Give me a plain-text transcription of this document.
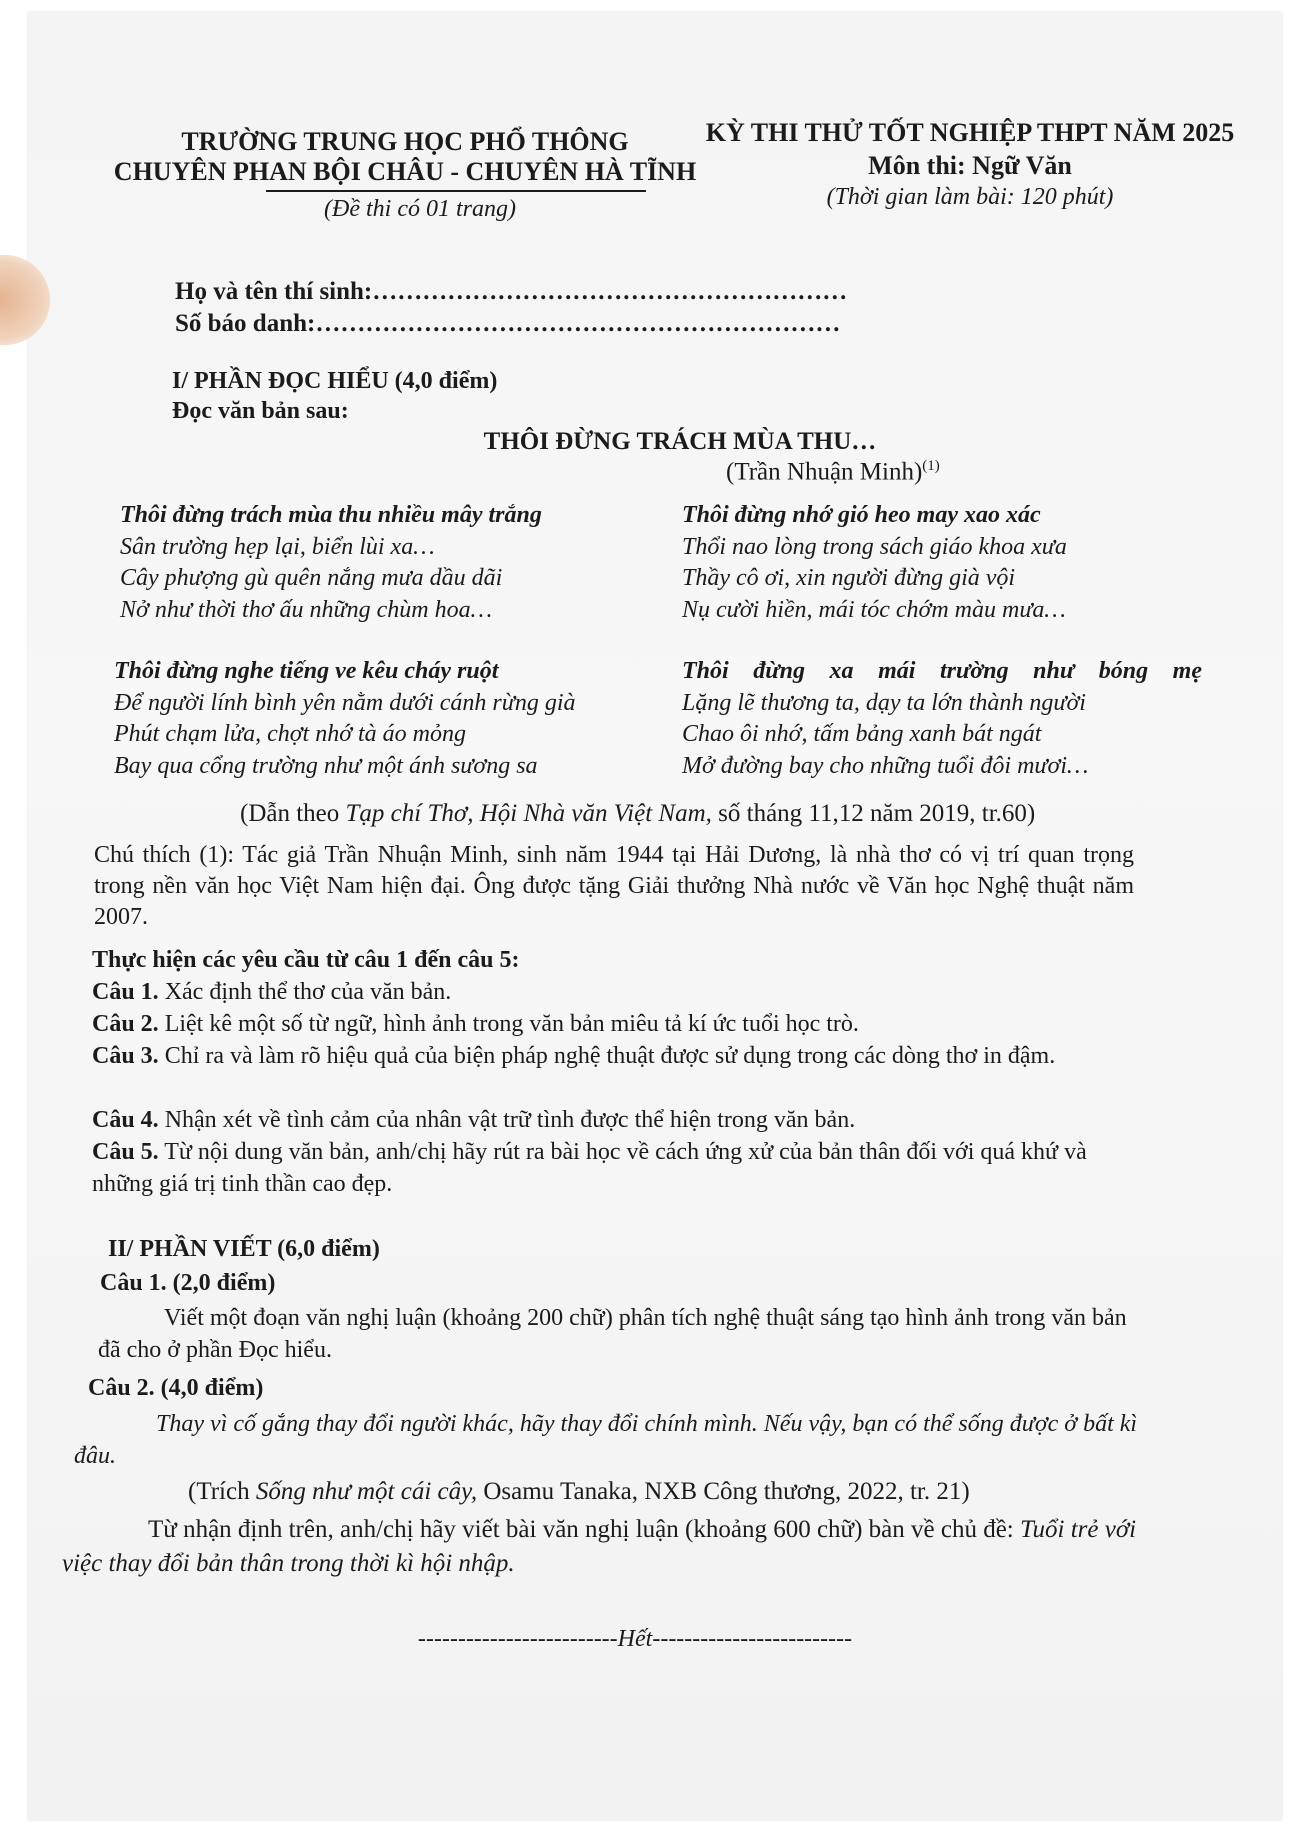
TRƯỜNG TRUNG HỌC PHỔ THÔNG
CHUYÊN PHAN BỘI CHÂU - CHUYÊN HÀ TĨNH
(Đề thi có 01 trang)
KỲ THI THỬ TỐT NGHIỆP THPT NĂM 2025
Môn thi: Ngữ Văn
(Thời gian làm bài: 120 phút)
Họ và tên thí sinh:…………………………………………………
Số báo danh:………………………………………………………
I/ PHẦN ĐỌC HIỂU (4,0 điểm)
Đọc văn bản sau:
THÔI ĐỪNG TRÁCH MÙA THU…
(Trần Nhuận Minh)$^{(1)}$
Thôi đừng trách mùa thu nhiều mây trắng
Sân trường hẹp lại, biển lùi xa…
Cây phượng gù quên nắng mưa dầu dãi
Nở như thời thơ ấu những chùm hoa…
Thôi đừng nghe tiếng ve kêu cháy ruột
Để người lính bình yên nằm dưới cánh rừng già
Phút chạm lửa, chợt nhớ tà áo mỏng
Bay qua cổng trường như một ánh sương sa
Thôi đừng nhớ gió heo may xao xác
Thổi nao lòng trong sách giáo khoa xưa
Thầy cô ơi, xin người đừng già vội
Nụ cười hiền, mái tóc chớm màu mưa…
Thôi đừng xa mái trường như bóng mẹ
Lặng lẽ thương ta, dạy ta lớn thành người
Chao ôi nhớ, tấm bảng xanh bát ngát
Mở đường bay cho những tuổi đôi mươi…
(Dẫn theo Tạp chí Thơ, Hội Nhà văn Việt Nam, số tháng 11,12 năm 2019, tr.60)
Chú thích (1): Tác giả Trần Nhuận Minh, sinh năm 1944 tại Hải Dương, là nhà thơ có vị trí quan trọng trong nền văn học Việt Nam hiện đại. Ông được tặng Giải thưởng Nhà nước về Văn học Nghệ thuật năm 2007.
Thực hiện các yêu cầu từ câu 1 đến câu 5:
Câu 1. Xác định thể thơ của văn bản.
Câu 2. Liệt kê một số từ ngữ, hình ảnh trong văn bản miêu tả kí ức tuổi học trò.
Câu 3. Chỉ ra và làm rõ hiệu quả của biện pháp nghệ thuật được sử dụng trong các dòng thơ in đậm.
Câu 4. Nhận xét về tình cảm của nhân vật trữ tình được thể hiện trong văn bản.
Câu 5. Từ nội dung văn bản, anh/chị hãy rút ra bài học về cách ứng xử của bản thân đối với quá khứ và những giá trị tinh thần cao đẹp.
II/ PHẦN VIẾT (6,0 điểm)
Câu 1. (2,0 điểm)
Viết một đoạn văn nghị luận (khoảng 200 chữ) phân tích nghệ thuật sáng tạo hình ảnh trong văn bản đã cho ở phần Đọc hiểu.
Câu 2. (4,0 điểm)
Thay vì cố gắng thay đổi người khác, hãy thay đổi chính mình. Nếu vậy, bạn có thể sống được ở bất kì đâu.
(Trích Sống như một cái cây, Osamu Tanaka, NXB Công thương, 2022, tr. 21)
Từ nhận định trên, anh/chị hãy viết bài văn nghị luận (khoảng 600 chữ) bàn về chủ đề: Tuổi trẻ với việc thay đổi bản thân trong thời kì hội nhập.
-------------------------Hết-------------------------
